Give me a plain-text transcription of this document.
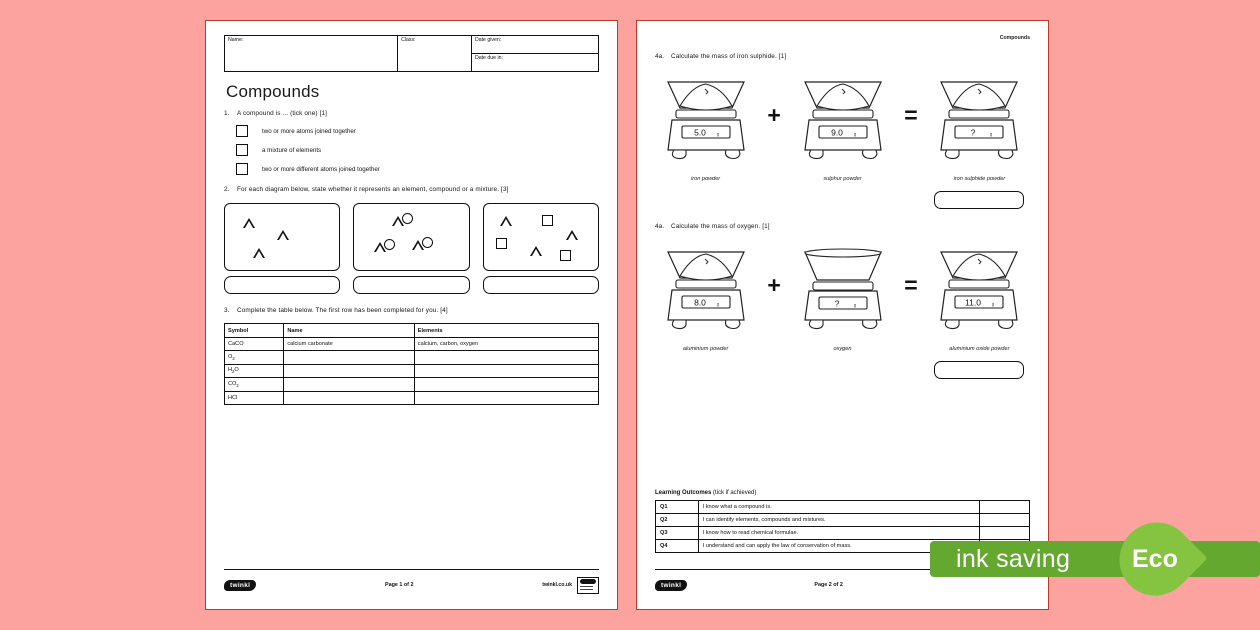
Name:	Class:	Date given:
Date due in:
Compounds
1. A compound is ... (tick one) [1]
two or more atoms joined together
a mixture of elements
two or more different atoms joined together
2. For each diagram below, state whether it represents an element, compound or a mixture. [3]
3. Complete the table below. The first row has been completed for you. [4]
Symbol	Name	Elements
CaCO	calcium carbonate	calcium, carbon, oxygen
$O_2$		
$H_2O$		
$CO_2$		
HCl		
twinkl	Page 1 of 2	twinkl.co.uk
Compounds
4a. Calculate the mass of iron sulphide. [1]
5.0 g
iron powder
+
9.0 g
sulphur powder
=
?	g
iron sulphide powder
4a. Calculate the mass of oxygen. [1]
8.0 g
aluminium powder
+
?	g
oxygen
=
11.0 g
aluminium oxide powder
Learning Outcomes (tick if achieved)
Q1	I know what a compound is.	
Q2	I can identify elements, compounds and mixtures.	
Q3	I know how to read chemical formulae.	
Q4	I understand and can apply the law of conservation of mass.	
twinkl	Page 2 of 2
ink saving Eco
